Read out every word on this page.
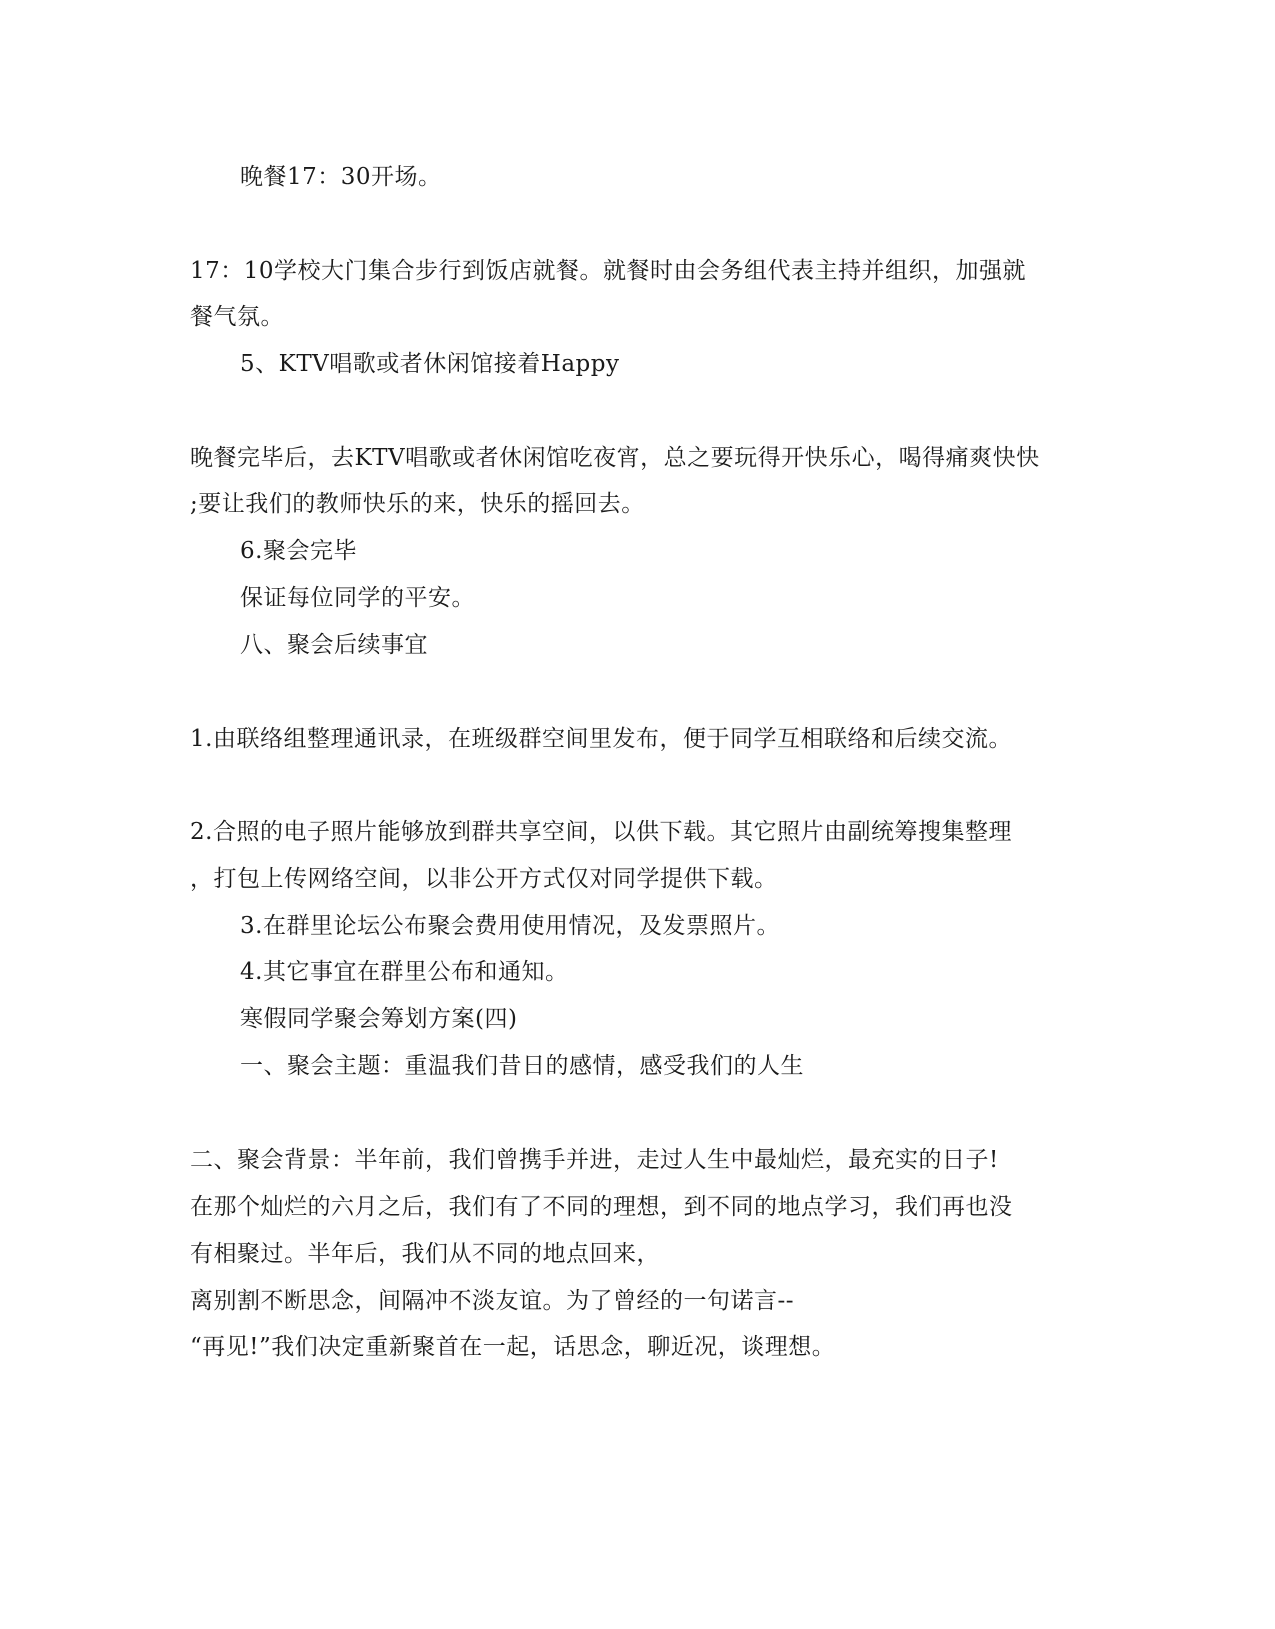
晚餐17：30开场。
17：10学校大门集合步行到饭店就餐。就餐时由会务组代表主持并组织，加强就
餐气氛。
5、KTV唱歌或者休闲馆接着Happy
晚餐完毕后，去KTV唱歌或者休闲馆吃夜宵，总之要玩得开快乐心，喝得痛爽快快
;要让我们的教师快乐的来，快乐的摇回去。
6.聚会完毕
保证每位同学的平安。
八、聚会后续事宜
1.由联络组整理通讯录，在班级群空间里发布，便于同学互相联络和后续交流。
2.合照的电子照片能够放到群共享空间，以供下载。其它照片由副统筹搜集整理
，打包上传网络空间，以非公开方式仅对同学提供下载。
3.在群里论坛公布聚会费用使用情况，及发票照片。
4.其它事宜在群里公布和通知。
寒假同学聚会筹划方案(四)
一、聚会主题：重温我们昔日的感情，感受我们的人生
二、聚会背景：半年前，我们曾携手并进，走过人生中最灿烂，最充实的日子!
在那个灿烂的六月之后，我们有了不同的理想，到不同的地点学习，我们再也没
有相聚过。半年后，我们从不同的地点回来，
离别割不断思念，间隔冲不淡友谊。为了曾经的一句诺言--
“再见!”我们决定重新聚首在一起，话思念，聊近况，谈理想。
